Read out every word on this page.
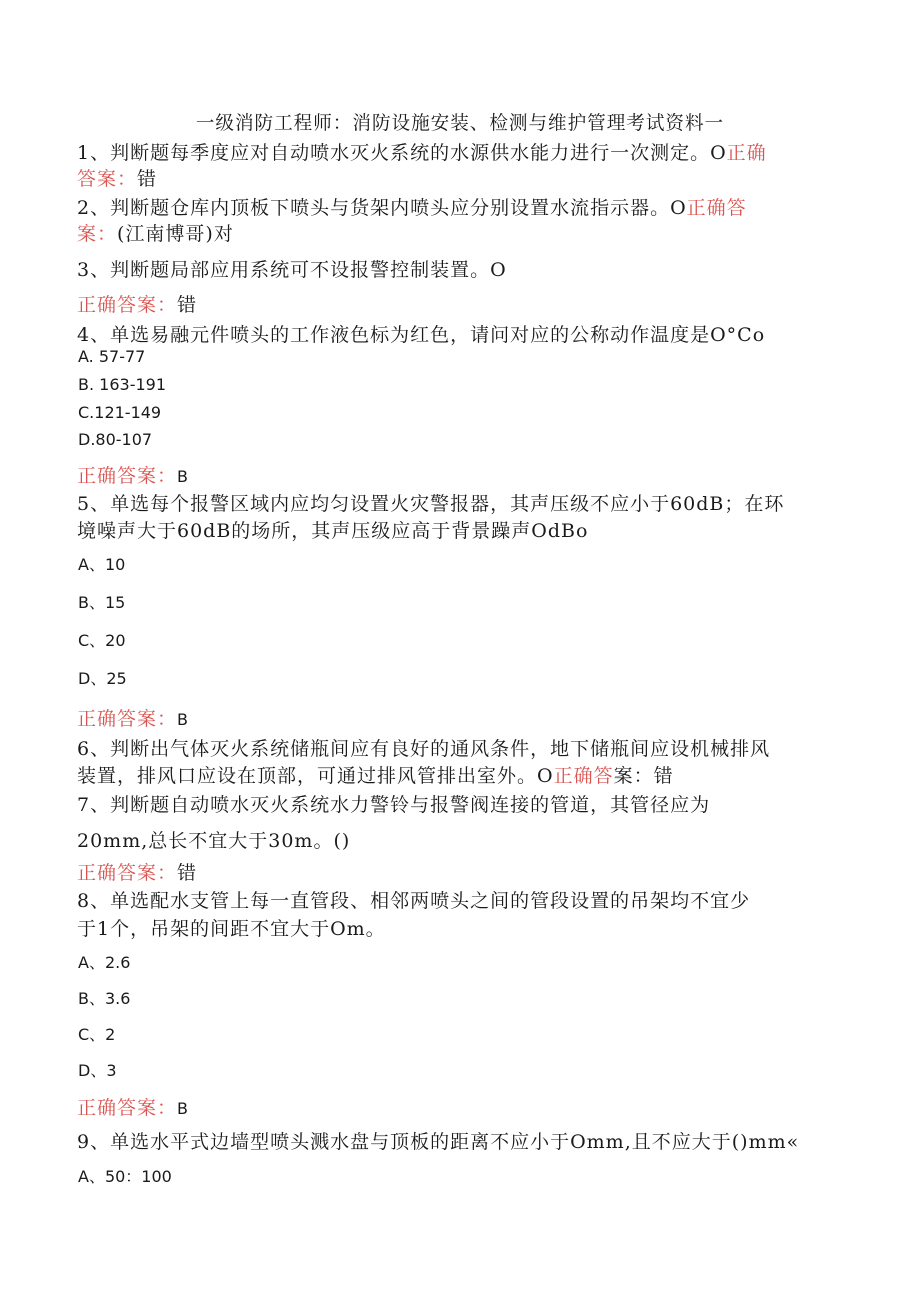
一级消防工程师：消防设施安装、检测与维护管理考试资料一
1、判断题每季度应对自动喷水灭火系统的水源供水能力进行一次测定。O正确
答案：错
2、判断题仓库内顶板下喷头与货架内喷头应分别设置水流指示器。O正确答
案：(江南博哥)对
3、判断题局部应用系统可不设报警控制装置。O
正确答案：错
4、单选易融元件喷头的工作液色标为红色，请问对应的公称动作温度是O°Co
A. 57-77
B. 163-191
C.121-149
D.80-107
正确答案：B
5、单选每个报警区域内应均匀设置火灾警报器，其声压级不应小于60dB；在环
境噪声大于60dB的场所，其声压级应高于背景躁声OdBo
A、10
B、15
C、20
D、25
正确答案：B
6、判断出气体灭火系统储瓶间应有良好的通风条件，地下储瓶间应设机械排风
装置，排风口应设在顶部，可通过排风管排出室外。O正确答案：错
7、判断题自动喷水灭火系统水力警铃与报警阀连接的管道，其管径应为
20mm,总长不宜大于30m。()
正确答案：错
8、单选配水支管上每一直管段、相邻两喷头之间的管段设置的吊架均不宜少
于1个，吊架的间距不宜大于Om。
A、2.6
B、3.6
C、2
D、3
正确答案：B
9、单选水平式边墙型喷头溅水盘与顶板的距离不应小于Omm,且不应大于()mm«
A、50：100
